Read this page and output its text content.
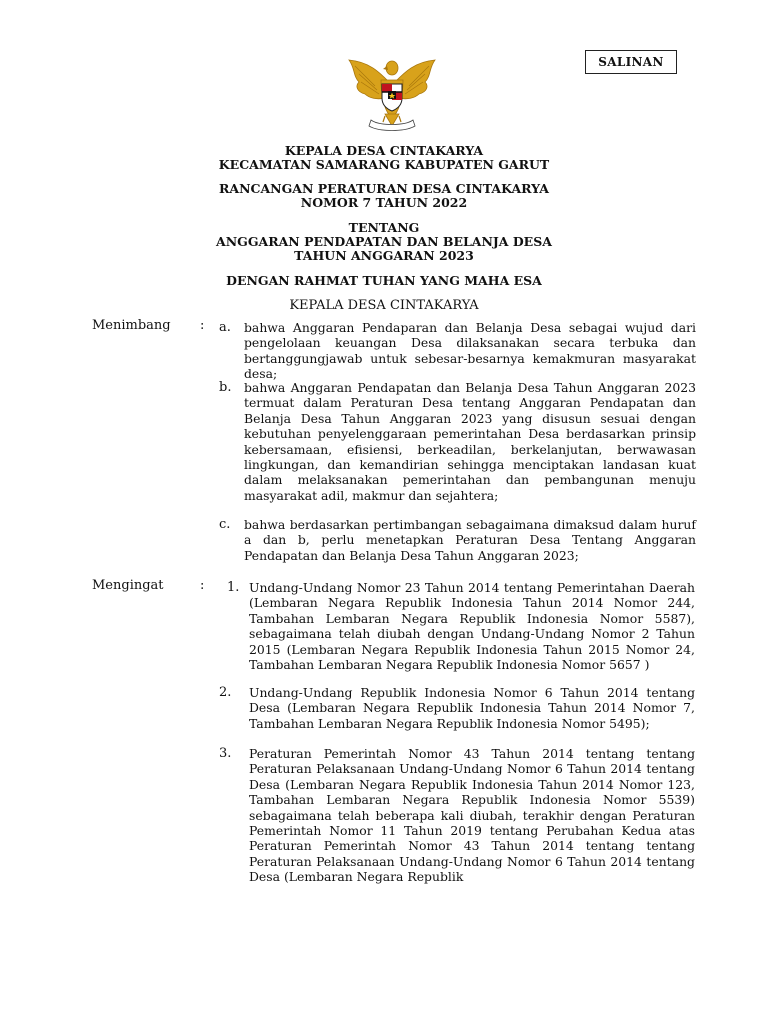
SALINAN
KEPALA DESA CINTAKARYA
KECAMATAN SAMARANG KABUPATEN GARUT
RANCANGAN PERATURAN DESA CINTAKARYA
NOMOR 7 TAHUN 2022
TENTANG
ANGGARAN PENDAPATAN DAN BELANJA DESA
TAHUN ANGGARAN 2023
DENGAN RAHMAT TUHAN YANG MAHA ESA
KEPALA DESA CINTAKARYA
Menimbang : a. bahwa Anggaran Pendaparan dan Belanja Desa sebagai wujud dari pengelolaan keuangan Desa dilaksanakan secara terbuka dan bertanggungjawab untuk sebesar-besarnya kemakmuran masyarakat desa;
b. bahwa Anggaran Pendapatan dan Belanja Desa Tahun Anggaran 2023 termuat dalam Peraturan Desa tentang Anggaran Pendapatan dan Belanja Desa Tahun Anggaran 2023 yang disusun sesuai dengan kebutuhan penyelenggaraan pemerintahan Desa berdasarkan prinsip kebersamaan, efisiensi, berkeadilan, berkelanjutan, berwawasan lingkungan, dan kemandirian sehingga menciptakan landasan kuat dalam melaksanakan pemerintahan dan pembangunan menuju masyarakat adil, makmur dan sejahtera;
c. bahwa berdasarkan pertimbangan sebagaimana dimaksud dalam huruf a dan b, perlu menetapkan Peraturan Desa Tentang Anggaran Pendapatan dan Belanja Desa Tahun Anggaran 2023;
Mengingat	: 1. Undang-Undang Nomor 23 Tahun 2014 tentang Pemerintahan Daerah (Lembaran Negara Republik Indonesia Tahun 2014 Nomor 244, Tambahan Lembaran Negara Republik Indonesia Nomor 5587), sebagaimana telah diubah dengan Undang-Undang Nomor 2 Tahun 2015 (Lembaran Negara Republik Indonesia Tahun 2015 Nomor 24, Tambahan Lembaran Negara Republik Indonesia Nomor 5657 )
2. Undang-Undang Republik Indonesia Nomor 6 Tahun 2014 tentang Desa (Lembaran Negara Republik Indonesia Tahun 2014 Nomor 7, Tambahan Lembaran Negara Republik Indonesia Nomor 5495);
3. Peraturan Pemerintah Nomor 43 Tahun 2014 tentang tentang Peraturan Pelaksanaan Undang-Undang Nomor 6 Tahun 2014 tentang Desa (Lembaran Negara Republik Indonesia Tahun 2014 Nomor 123, Tambahan Lembaran Negara Republik Indonesia Nomor 5539) sebagaimana telah beberapa kali diubah, terakhir dengan Peraturan Pemerintah Nomor 11 Tahun 2019 tentang Perubahan Kedua atas Peraturan Pemerintah Nomor 43 Tahun 2014 tentang tentang Peraturan Pelaksanaan Undang-Undang Nomor 6 Tahun 2014 tentang Desa (Lembaran Negara Republik
